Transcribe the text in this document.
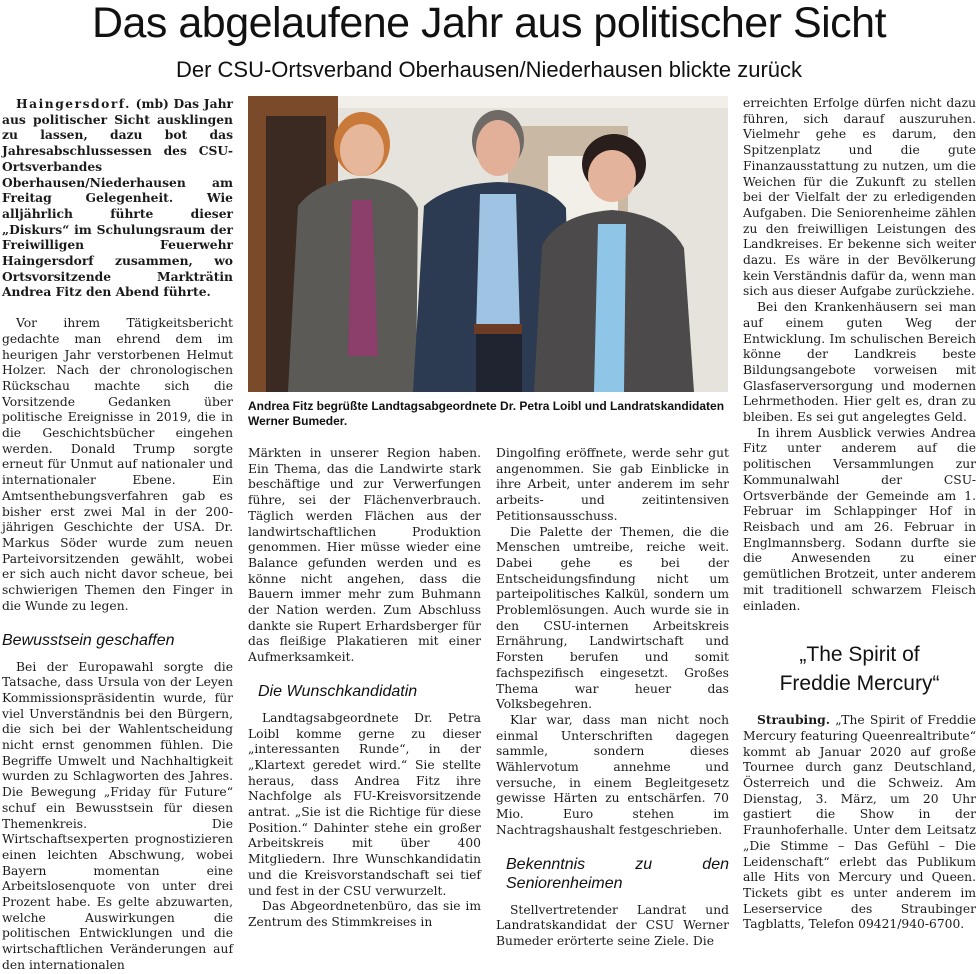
Das abgelaufene Jahr aus politischer Sicht
Der CSU-Ortsverband Oberhausen/Niederhausen blickte zurück

Haingersdorf. (mb) Das Jahr aus politischer Sicht ausklingen zu lassen, dazu bot das Jahresabschlussessen des CSU-Ortsverbandes Oberhausen/Niederhausen am Freitag Gelegenheit. Wie alljährlich führte dieser „Diskurs“ im Schulungsraum der Freiwilligen Feuerwehr Haingersdorf zusammen, wo Ortsvorsitzende Markträtin Andrea Fitz den Abend führte.

Vor ihrem Tätigkeitsbericht gedachte man ehrend dem im heurigen Jahr verstorbenen Helmut Holzer. Nach der chronologischen Rückschau machte sich die Vorsitzende Gedanken über politische Ereignisse in 2019, die in die Geschichtsbücher eingehen werden. Donald Trump sorgte erneut für Unmut auf nationaler und internationaler Ebene. Ein Amtsenthebungsverfahren gab es bisher erst zwei Mal in der 200-jährigen Geschichte der USA. Dr. Markus Söder wurde zum neuen Parteivorsitzenden gewählt, wobei er sich auch nicht davor scheue, bei schwierigen Themen den Finger in die Wunde zu legen.

Bewusstsein geschaffen

Bei der Europawahl sorgte die Tatsache, dass Ursula von der Leyen Kommissionspräsidentin wurde, für viel Unverständnis bei den Bürgern, die sich bei der Wahlentscheidung nicht ernst genommen fühlen. Die Begriffe Umwelt und Nachhaltigkeit wurden zu Schlagworten des Jahres. Die Bewegung „Friday für Future“ schuf ein Bewusstsein für diesen Themenkreis. Die Wirtschaftsexperten prognostizieren einen leichten Abschwung, wobei Bayern momentan eine Arbeitslosenquote von unter drei Prozent habe. Es gelte abzuwarten, welche Auswirkungen die politischen Entwicklungen und die wirtschaftlichen Veränderungen auf den internationalen

Andrea Fitz begrüßte Landtagsabgeordnete Dr. Petra Loibl und Landratskandidaten Werner Bumeder.

Märkten in unserer Region haben. Ein Thema, das die Landwirte stark beschäftige und zur Verwerfungen führe, sei der Flächenverbrauch. Täglich werden Flächen aus der landwirtschaftlichen Produktion genommen. Hier müsse wieder eine Balance gefunden werden und es könne nicht angehen, dass die Bauern immer mehr zum Buhmann der Nation werden. Zum Abschluss dankte sie Rupert Erhardsberger für das fleißige Plakatieren mit einer Aufmerksamkeit.

Die Wunschkandidatin

Landtagsabgeordnete Dr. Petra Loibl komme gerne zu dieser „interessanten Runde“, in der „Klartext geredet wird.“ Sie stellte heraus, dass Andrea Fitz ihre Nachfolge als FU-Kreisvorsitzende antrat. „Sie ist die Richtige für diese Position.“ Dahinter stehe ein großer Arbeitskreis mit über 400 Mitgliedern. Ihre Wunschkandidatin und die Kreisvorstandschaft sei tief und fest in der CSU verwurzelt.

Das Abgeordnetenbüro, das sie im Zentrum des Stimmkreises in

Dingolfing eröffnete, werde sehr gut angenommen. Sie gab Einblicke in ihre Arbeit, unter anderem im sehr arbeits- und zeitintensiven Petitionsausschuss.

Die Palette der Themen, die die Menschen umtreibe, reiche weit. Dabei gehe es bei der Entscheidungsfindung nicht um parteipolitisches Kalkül, sondern um Problemlösungen. Auch wurde sie in den CSU-internen Arbeitskreis Ernährung, Landwirtschaft und Forsten berufen und somit fachspezifisch eingesetzt. Großes Thema war heuer das Volksbegehren.

Klar war, dass man nicht noch einmal Unterschriften dagegen sammle, sondern dieses Wählervotum annehme und versuche, in einem Begleitgesetz gewisse Härten zu entschärfen. 70 Mio. Euro stehen im Nachtragshaushalt festgeschrieben.

Bekenntnis zu den Seniorenheimen

Stellvertretender Landrat und Landratskandidat der CSU Werner Bumeder erörterte seine Ziele. Die

erreichten Erfolge dürfen nicht dazu führen, sich darauf auszuruhen. Vielmehr gehe es darum, den Spitzenplatz und die gute Finanzausstattung zu nutzen, um die Weichen für die Zukunft zu stellen bei der Vielfalt der zu erledigenden Aufgaben. Die Seniorenheime zählen zu den freiwilligen Leistungen des Landkreises. Er bekenne sich weiter dazu. Es wäre in der Bevölkerung kein Verständnis dafür da, wenn man sich aus dieser Aufgabe zurückziehe.

Bei den Krankenhäusern sei man auf einem guten Weg der Entwicklung. Im schulischen Bereich könne der Landkreis beste Bildungsangebote vorweisen mit Glasfaserversorgung und modernen Lehrmethoden. Hier gelt es, dran zu bleiben. Es sei gut angelegtes Geld.

In ihrem Ausblick verwies Andrea Fitz unter anderem auf die politischen Versammlungen zur Kommunalwahl der CSU-Ortsverbände der Gemeinde am 1. Februar im Schlappinger Hof in Reisbach und am 26. Februar in Englmannsberg. Sodann durfte sie die Anwesenden zu einer gemütlichen Brotzeit, unter anderem mit traditionell schwarzem Fleisch einladen.

„The Spirit of
Freddie Mercury“

Straubing. „The Spirit of Freddie Mercury featuring Queenrealtribute“ kommt ab Januar 2020 auf große Tournee durch ganz Deutschland, Österreich und die Schweiz. Am Dienstag, 3. März, um 20 Uhr gastiert die Show in der Fraunhoferhalle. Unter dem Leitsatz „Die Stimme – Das Gefühl – Die Leidenschaft“ erlebt das Publikum alle Hits von Mercury und Queen. Tickets gibt es unter anderem im Leserservice des Straubinger Tagblatts, Telefon 09421/940-6700.
